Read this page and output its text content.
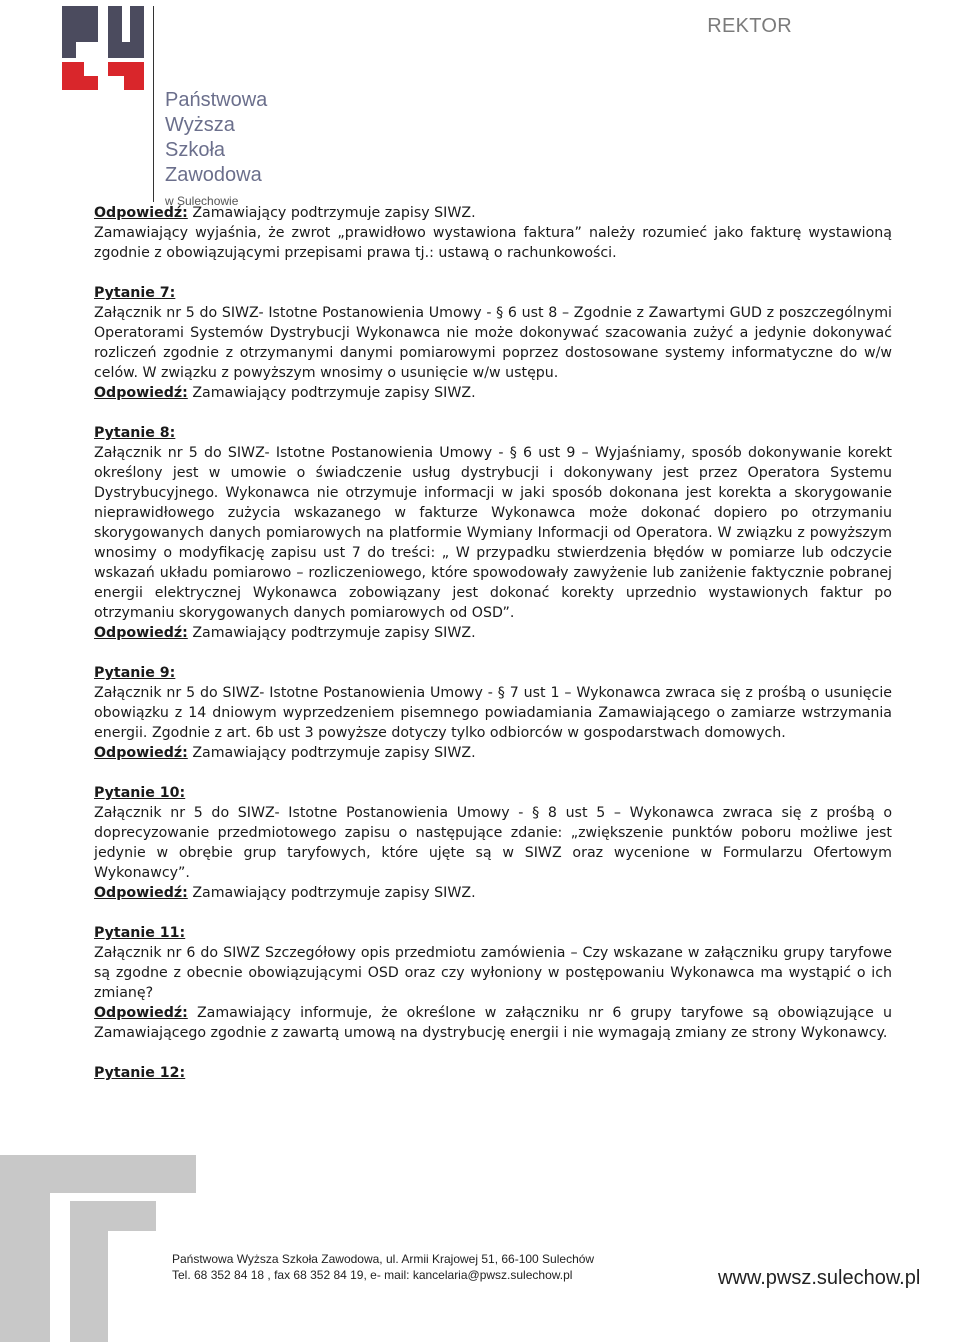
Państwowa
Wyższa
Szkoła
Zawodowa
w Sulechowie
REKTOR

Odpowiedź: Zamawiający podtrzymuje zapisy SIWZ.

Zamawiający wyjaśnia, że zwrot „prawidłowo wystawiona faktura” należy rozumieć jako fakturę wystawioną zgodnie z obowiązującymi przepisami prawa tj.: ustawą o rachunkowości.

Pytanie 7:

Załącznik nr 5 do SIWZ- Istotne Postanowienia Umowy - § 6 ust 8 – Zgodnie z Zawartymi GUD z poszczególnymi Operatorami Systemów Dystrybucji Wykonawca nie może dokonywać szacowania zużyć a jedynie dokonywać rozliczeń zgodnie z otrzymanymi danymi pomiarowymi poprzez dostosowane systemy informatyczne do w/w celów. W związku z powyższym wnosimy o usunięcie w/w ustępu.

Odpowiedź: Zamawiający podtrzymuje zapisy SIWZ.

Pytanie 8:

Załącznik nr 5 do SIWZ- Istotne Postanowienia Umowy - § 6 ust 9 – Wyjaśniamy, sposób dokonywanie korekt określony jest w umowie o świadczenie usług dystrybucji i dokonywany jest przez Operatora Systemu Dystrybucyjnego. Wykonawca nie otrzymuje informacji w jaki sposób dokonana jest korekta a skorygowanie nieprawidłowego zużycia wskazanego w fakturze Wykonawca może dokonać dopiero po otrzymaniu skorygowanych danych pomiarowych na platformie Wymiany Informacji od Operatora. W związku z powyższym wnosimy o modyfikację zapisu ust 7 do treści: „ W przypadku stwierdzenia błędów w pomiarze lub odczycie wskazań układu pomiarowo – rozliczeniowego, które spowodowały zawyżenie lub zaniżenie faktycznie pobranej energii elektrycznej Wykonawca zobowiązany jest dokonać korekty uprzednio wystawionych faktur po otrzymaniu skorygowanych danych pomiarowych od OSD”.

Odpowiedź: Zamawiający podtrzymuje zapisy SIWZ.

Pytanie 9:

Załącznik nr 5 do SIWZ- Istotne Postanowienia Umowy - § 7 ust 1 – Wykonawca zwraca się z prośbą o usunięcie obowiązku z 14 dniowym wyprzedzeniem pisemnego powiadamiania Zamawiającego o zamiarze wstrzymania energii. Zgodnie z art. 6b ust 3 powyższe dotyczy tylko odbiorców w gospodarstwach domowych.

Odpowiedź: Zamawiający podtrzymuje zapisy SIWZ.

Pytanie 10:

Załącznik nr 5 do SIWZ- Istotne Postanowienia Umowy - § 8 ust 5 – Wykonawca zwraca się z prośbą o doprecyzowanie przedmiotowego zapisu o następujące zdanie: „zwiększenie punktów poboru możliwe jest jedynie w obrębie grup taryfowych, które ujęte są w SIWZ oraz wycenione w Formularzu Ofertowym Wykonawcy”.

Odpowiedź: Zamawiający podtrzymuje zapisy SIWZ.

Pytanie 11:

Załącznik nr 6 do SIWZ Szczegółowy opis przedmiotu zamówienia – Czy wskazane w załączniku grupy taryfowe są zgodne z obecnie obowiązującymi OSD oraz czy wyłoniony w postępowaniu Wykonawca ma wystąpić o ich zmianę?

Odpowiedź: Zamawiający informuje, że określone w załączniku nr 6 grupy taryfowe są obowiązujące u Zamawiającego zgodnie z zawartą umową na dystrybucję energii i nie wymagają zmiany ze strony Wykonawcy.

Pytanie 12:

Państwowa Wyższa Szkoła Zawodowa, ul. Armii Krajowej 51, 66-100 Sulechów
Tel. 68 352 84 18 , fax 68 352 84 19, e- mail: kancelaria@pwsz.sulechow.pl	www.pwsz.sulechow.pl
